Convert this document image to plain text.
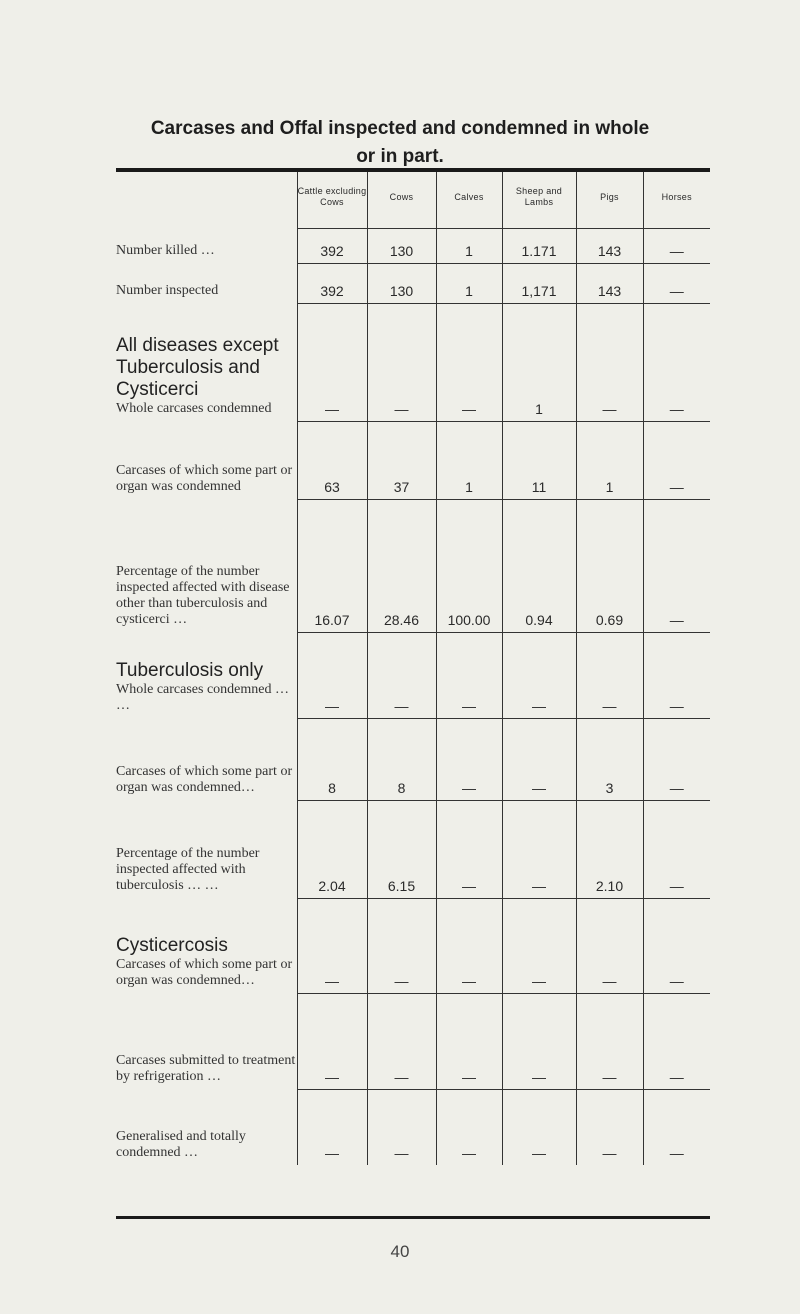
Carcases and Offal inspected and condemned in whole
or in part.
	Cattle excluding Cows	Cows	Calves	Sheep and Lambs	Pigs	Horses
Number killed …	392	130	1	1.171	143	—
Number inspected	392	130	1	1,171	143	—

All diseases except Tuberculosis and Cysticerci
Whole carcases condemned	—	—	—	1	—	—
Carcases of which some part or organ was condemned	63	37	1	11	1	—
Percentage of the number inspected affected with disease other than tuberculosis and cysticerci …	16.07	28.46	100.00	0.94	0.69	—

Tuberculosis only
Whole carcases condemned … …	—	—	—	—	—	—
Carcases of which some part or organ was condemned…	8	8	—	—	3	—
Percentage of the number inspected affected with tuberculosis … …	2.04	6.15	—	—	2.10	—

Cysticercosis
Carcases of which some part or organ was condemned…	—	—	—	—	—	—
Carcases submitted to treatment by refrigeration …	—	—	—	—	—	—
Generalised and totally condemned …	—	—	—	—	—	—
40
